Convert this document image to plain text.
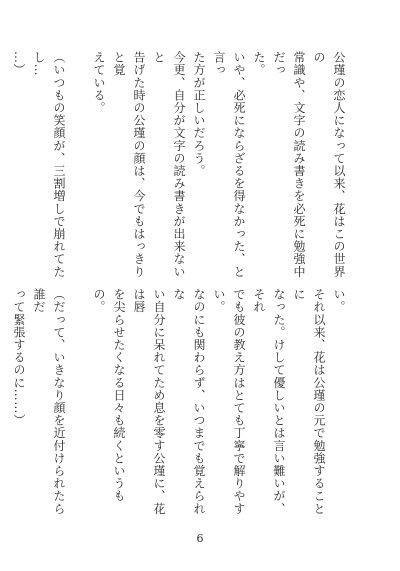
公瑾の恋人になって以来、花はこの世界の
常識や、文字の読み書きを必死に勉強中だっ
た。
いや、必死にならざるを得なかった、と言っ
た方が正しいだろう。
今更、自分が文字の読み書きが出来ないと
告げた時の公瑾の顔は、今でもはっきりと覚
えている。

（いつもの笑顔が、三割増しで崩れてたし…
…）

い。
それ以来、花は公瑾の元で勉強することに
なった。けして優しいとは言い難いが、それ
でも彼の教え方はとても丁寧で解りやすい。
なのにも関わらず、いつまでも覚えられな
い自分に呆れてため息を零す公瑾に、花は唇
を尖らせたくなる日々も続くというもの。

（だって、いきなり顔を近付けられたら誰だ
って緊張するのに……）

6
